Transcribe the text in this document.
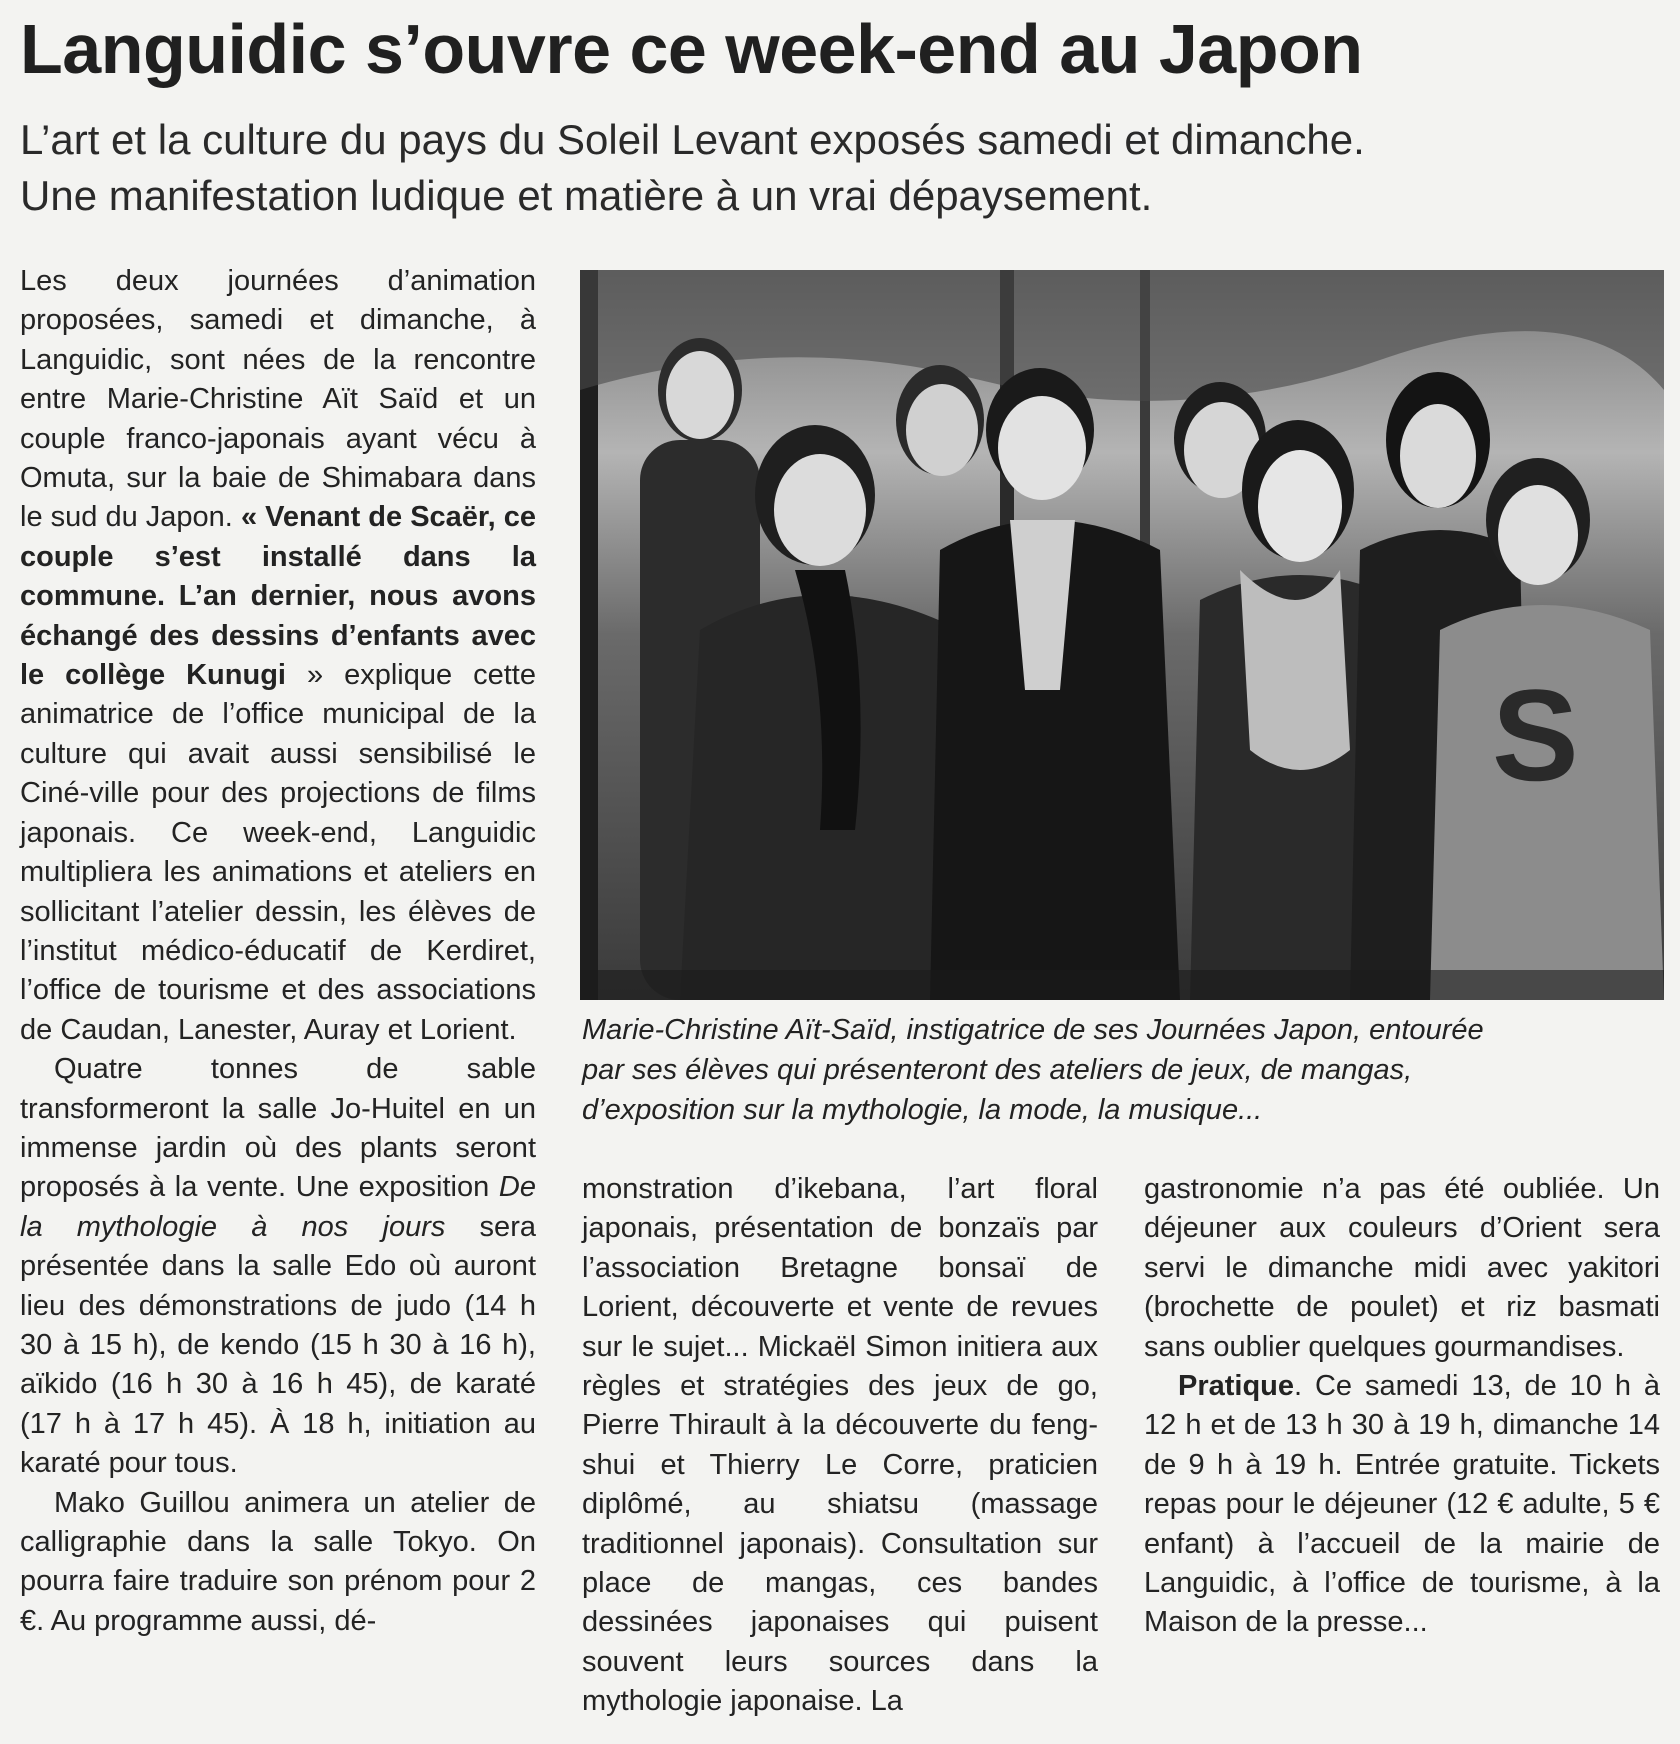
Languidic s’ouvre ce week-end au Japon
L’art et la culture du pays du Soleil Levant exposés samedi et dimanche.
Une manifestation ludique et matière à un vrai dépaysement.

Les deux journées d’animation proposées, samedi et dimanche, à Languidic, sont nées de la rencontre entre Marie-Christine Aït Saïd et un couple franco-japonais ayant vécu à Omuta, sur la baie de Shimabara dans le sud du Japon. « Venant de Scaër, ce couple s’est installé dans la commune. L’an dernier, nous avons échangé des dessins d’enfants avec le collège Kunugi » explique cette animatrice de l’office municipal de la culture qui avait aussi sensibilisé le Ciné-ville pour des projections de films japonais. Ce week-end, Languidic multipliera les animations et ateliers en sollicitant l’atelier dessin, les élèves de l’institut médico-éducatif de Kerdiret, l’office de tourisme et des associations de Caudan, Lanester, Auray et Lorient.

Quatre tonnes de sable transformeront la salle Jo-Huitel en un immense jardin où des plants seront proposés à la vente. Une exposition De la mythologie à nos jours sera présentée dans la salle Edo où auront lieu des démonstrations de judo (14 h 30 à 15 h), de kendo (15 h 30 à 16 h), aïkido (16 h 30 à 16 h 45), de karaté (17 h à 17 h 45). À 18 h, initiation au karaté pour tous.

Mako Guillou animera un atelier de calligraphie dans la salle Tokyo. On pourra faire traduire son prénom pour 2 €. Au programme aussi, dé-

S
Marie-Christine Aït-Saïd, instigatrice de ses Journées Japon, entourée
par ses élèves qui présenteront des ateliers de jeux, de mangas,
d’exposition sur la mythologie, la mode, la musique...

monstration d’ikebana, l’art floral japonais, présentation de bonzaïs par l’association Bretagne bonsaï de Lorient, découverte et vente de revues sur le sujet... Mickaël Simon initiera aux règles et stratégies des jeux de go, Pierre Thirault à la découverte du feng-shui et Thierry Le Corre, praticien diplômé, au shiatsu (massage traditionnel japonais). Consultation sur place de mangas, ces bandes dessinées japonaises qui puisent souvent leurs sources dans la mythologie japonaise. La

gastronomie n’a pas été oubliée. Un déjeuner aux couleurs d’Orient sera servi le dimanche midi avec yakitori (brochette de poulet) et riz basmati sans oublier quelques gourmandises.

Pratique. Ce samedi 13, de 10 h à 12 h et de 13 h 30 à 19 h, dimanche 14 de 9 h à 19 h. Entrée gratuite. Tickets repas pour le déjeuner (12 € adulte, 5 € enfant) à l’accueil de la mairie de Languidic, à l’office de tourisme, à la Maison de la presse...
